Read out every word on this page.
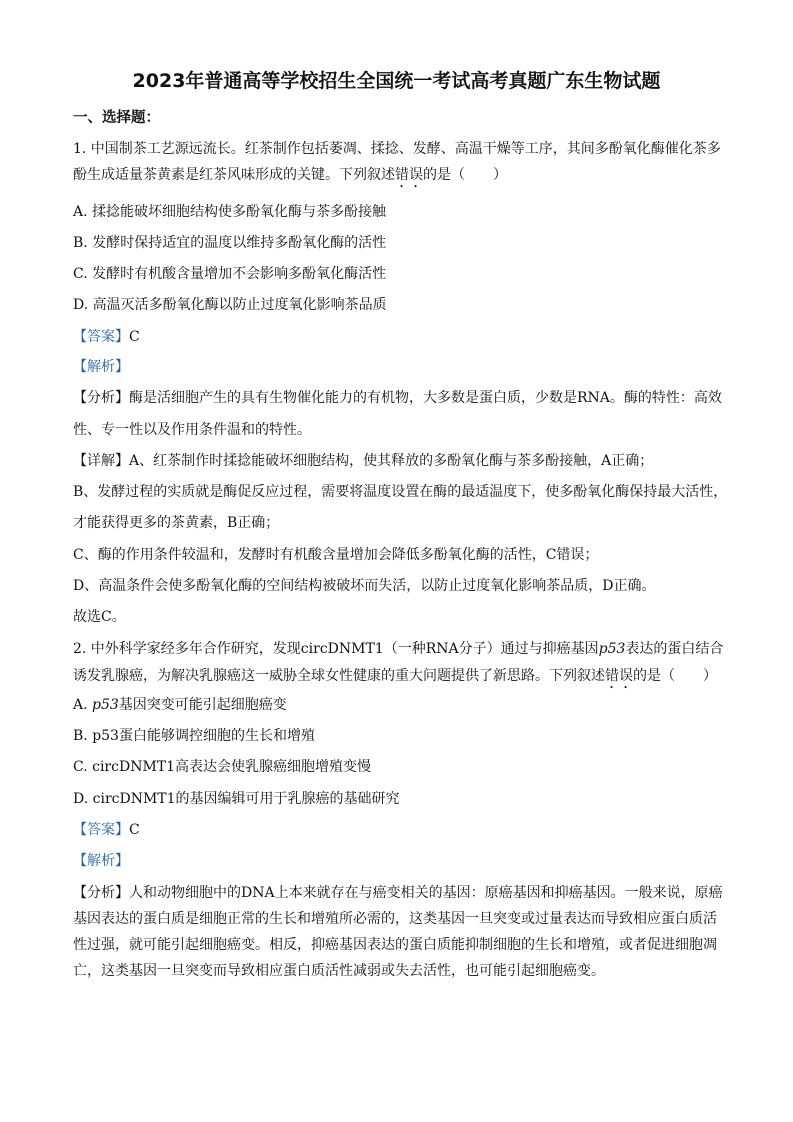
2023年普通高等学校招生全国统一考试高考真题广东生物试题
一、选择题：
1. 中国制茶工艺源远流长。红茶制作包括萎凋、揉捻、发酵、高温干燥等工序，其间多酚氧化酶催化茶多
酚生成适量茶黄素是红茶风味形成的关键。下列叙述错误的是（　　）
A. 揉捻能破坏细胞结构使多酚氧化酶与茶多酚接触
B. 发酵时保持适宜的温度以维持多酚氧化酶的活性
C. 发酵时有机酸含量增加不会影响多酚氧化酶活性
D. 高温灭活多酚氧化酶以防止过度氧化影响茶品质
【答案】C
【解析】
【分析】酶是活细胞产生的具有生物催化能力的有机物，大多数是蛋白质，少数是RNA。酶的特性：高效
性、专一性以及作用条件温和的特性。
【详解】A、红茶制作时揉捻能破坏细胞结构，使其释放的多酚氧化酶与茶多酚接触，A正确；
B、发酵过程的实质就是酶促反应过程，需要将温度设置在酶的最适温度下，使多酚氧化酶保持最大活性，
才能获得更多的茶黄素，B正确；
C、酶的作用条件较温和，发酵时有机酸含量增加会降低多酚氧化酶的活性，C错误；
D、高温条件会使多酚氧化酶的空间结构被破坏而失活，以防止过度氧化影响茶品质，D正确。
故选C。
2. 中外科学家经多年合作研究，发现circDNMT1（一种RNA分子）通过与抑癌基因p53表达的蛋白结合
诱发乳腺癌，为解决乳腺癌这一威胁全球女性健康的重大问题提供了新思路。下列叙述错误的是（　　）
A. p53基因突变可能引起细胞癌变
B. p53蛋白能够调控细胞的生长和增殖
C. circDNMT1高表达会使乳腺癌细胞增殖变慢
D. circDNMT1的基因编辑可用于乳腺癌的基础研究
【答案】C
【解析】
【分析】人和动物细胞中的DNA上本来就存在与癌变相关的基因：原癌基因和抑癌基因。一般来说，原癌
基因表达的蛋白质是细胞正常的生长和增殖所必需的，这类基因一旦突变或过量表达而导致相应蛋白质活
性过强，就可能引起细胞癌变。相反，抑癌基因表达的蛋白质能抑制细胞的生长和增殖，或者促进细胞凋
亡，这类基因一旦突变而导致相应蛋白质活性减弱或失去活性，也可能引起细胞癌变。
